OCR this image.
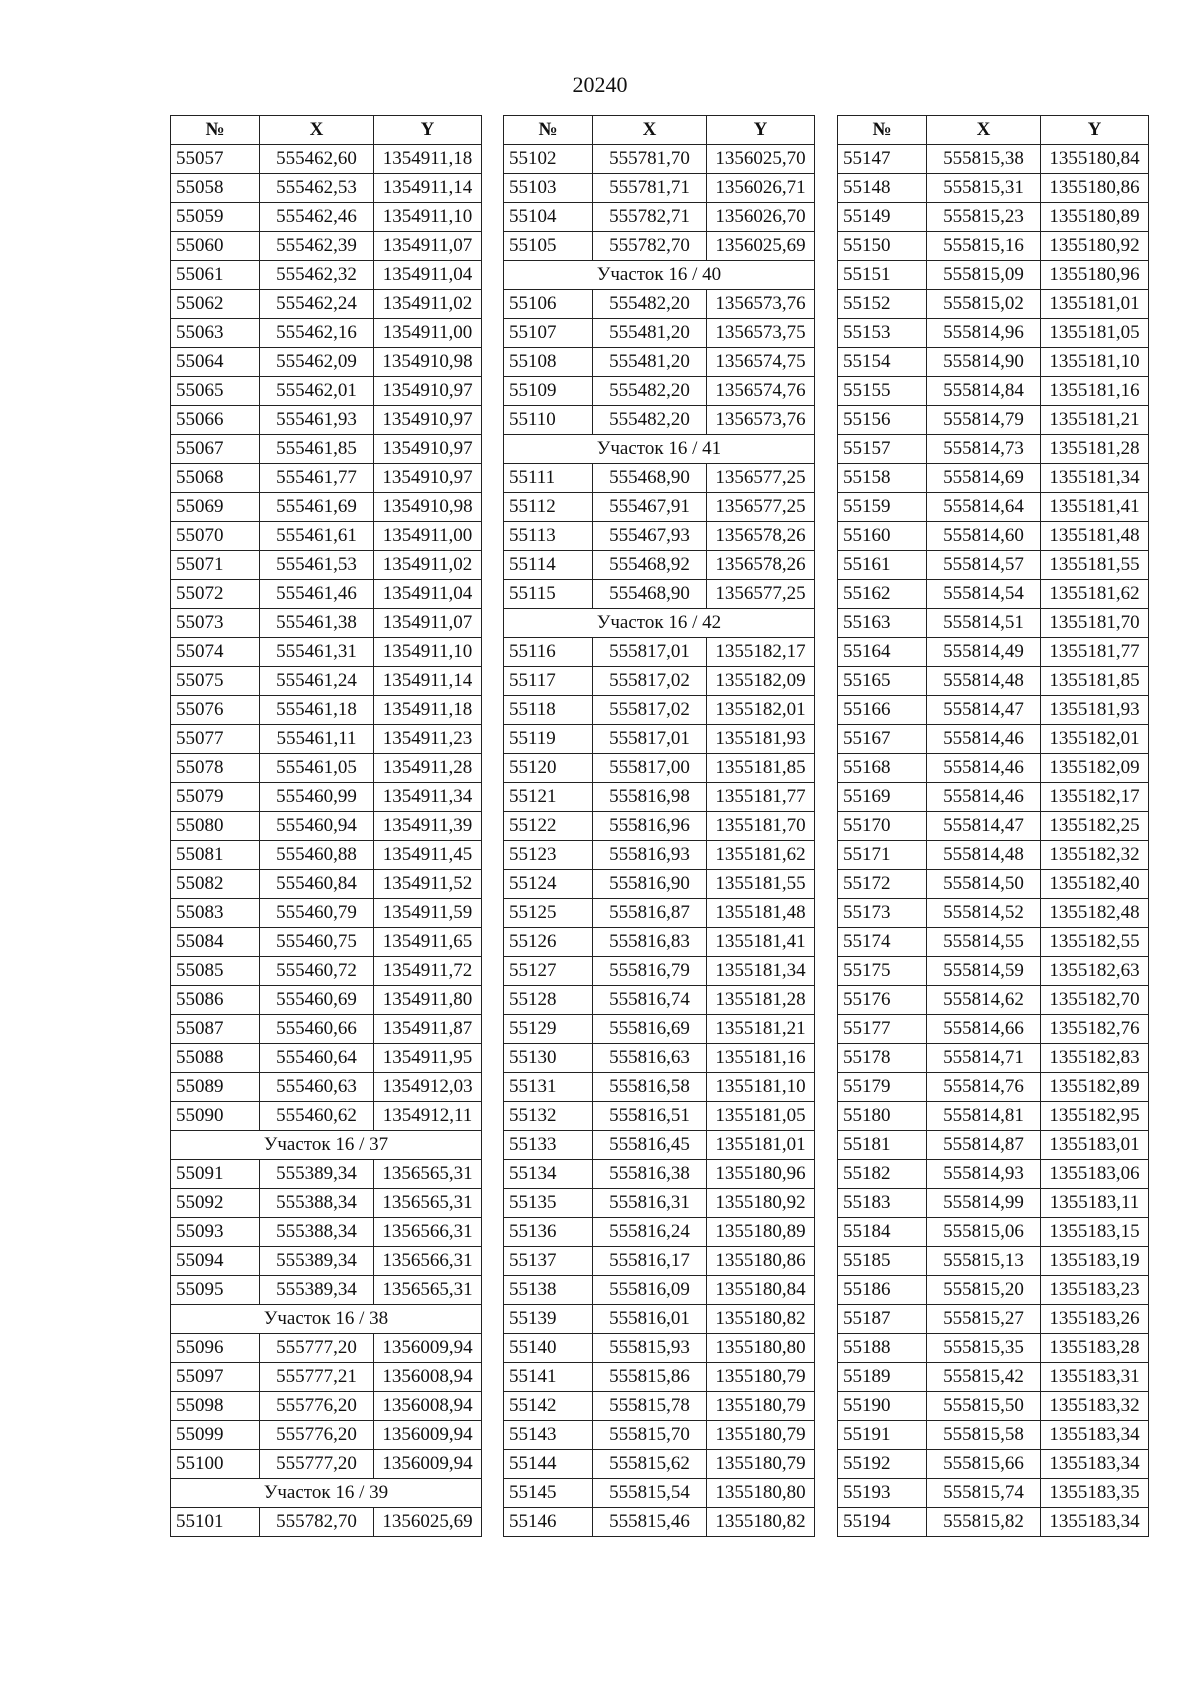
20240
№	X	Y
55057	555462,60	1354911,18
55058	555462,53	1354911,14
55059	555462,46	1354911,10
55060	555462,39	1354911,07
55061	555462,32	1354911,04
55062	555462,24	1354911,02
55063	555462,16	1354911,00
55064	555462,09	1354910,98
55065	555462,01	1354910,97
55066	555461,93	1354910,97
55067	555461,85	1354910,97
55068	555461,77	1354910,97
55069	555461,69	1354910,98
55070	555461,61	1354911,00
55071	555461,53	1354911,02
55072	555461,46	1354911,04
55073	555461,38	1354911,07
55074	555461,31	1354911,10
55075	555461,24	1354911,14
55076	555461,18	1354911,18
55077	555461,11	1354911,23
55078	555461,05	1354911,28
55079	555460,99	1354911,34
55080	555460,94	1354911,39
55081	555460,88	1354911,45
55082	555460,84	1354911,52
55083	555460,79	1354911,59
55084	555460,75	1354911,65
55085	555460,72	1354911,72
55086	555460,69	1354911,80
55087	555460,66	1354911,87
55088	555460,64	1354911,95
55089	555460,63	1354912,03
55090	555460,62	1354912,11
Участок 16 / 37		
55091	555389,34	1356565,31
55092	555388,34	1356565,31
55093	555388,34	1356566,31
55094	555389,34	1356566,31
55095	555389,34	1356565,31
Участок 16 / 38		
55096	555777,20	1356009,94
55097	555777,21	1356008,94
55098	555776,20	1356008,94
55099	555776,20	1356009,94
55100	555777,20	1356009,94
Участок 16 / 39		
55101	555782,70	1356025,69
№	X	Y
55102	555781,70	1356025,70
55103	555781,71	1356026,71
55104	555782,71	1356026,70
55105	555782,70	1356025,69
Участок 16 / 40		
55106	555482,20	1356573,76
55107	555481,20	1356573,75
55108	555481,20	1356574,75
55109	555482,20	1356574,76
55110	555482,20	1356573,76
Участок 16 / 41		
55111	555468,90	1356577,25
55112	555467,91	1356577,25
55113	555467,93	1356578,26
55114	555468,92	1356578,26
55115	555468,90	1356577,25
Участок 16 / 42		
55116	555817,01	1355182,17
55117	555817,02	1355182,09
55118	555817,02	1355182,01
55119	555817,01	1355181,93
55120	555817,00	1355181,85
55121	555816,98	1355181,77
55122	555816,96	1355181,70
55123	555816,93	1355181,62
55124	555816,90	1355181,55
55125	555816,87	1355181,48
55126	555816,83	1355181,41
55127	555816,79	1355181,34
55128	555816,74	1355181,28
55129	555816,69	1355181,21
55130	555816,63	1355181,16
55131	555816,58	1355181,10
55132	555816,51	1355181,05
55133	555816,45	1355181,01
55134	555816,38	1355180,96
55135	555816,31	1355180,92
55136	555816,24	1355180,89
55137	555816,17	1355180,86
55138	555816,09	1355180,84
55139	555816,01	1355180,82
55140	555815,93	1355180,80
55141	555815,86	1355180,79
55142	555815,78	1355180,79
55143	555815,70	1355180,79
55144	555815,62	1355180,79
55145	555815,54	1355180,80
55146	555815,46	1355180,82
№	X	Y
55147	555815,38	1355180,84
55148	555815,31	1355180,86
55149	555815,23	1355180,89
55150	555815,16	1355180,92
55151	555815,09	1355180,96
55152	555815,02	1355181,01
55153	555814,96	1355181,05
55154	555814,90	1355181,10
55155	555814,84	1355181,16
55156	555814,79	1355181,21
55157	555814,73	1355181,28
55158	555814,69	1355181,34
55159	555814,64	1355181,41
55160	555814,60	1355181,48
55161	555814,57	1355181,55
55162	555814,54	1355181,62
55163	555814,51	1355181,70
55164	555814,49	1355181,77
55165	555814,48	1355181,85
55166	555814,47	1355181,93
55167	555814,46	1355182,01
55168	555814,46	1355182,09
55169	555814,46	1355182,17
55170	555814,47	1355182,25
55171	555814,48	1355182,32
55172	555814,50	1355182,40
55173	555814,52	1355182,48
55174	555814,55	1355182,55
55175	555814,59	1355182,63
55176	555814,62	1355182,70
55177	555814,66	1355182,76
55178	555814,71	1355182,83
55179	555814,76	1355182,89
55180	555814,81	1355182,95
55181	555814,87	1355183,01
55182	555814,93	1355183,06
55183	555814,99	1355183,11
55184	555815,06	1355183,15
55185	555815,13	1355183,19
55186	555815,20	1355183,23
55187	555815,27	1355183,26
55188	555815,35	1355183,28
55189	555815,42	1355183,31
55190	555815,50	1355183,32
55191	555815,58	1355183,34
55192	555815,66	1355183,34
55193	555815,74	1355183,35
55194	555815,82	1355183,34
